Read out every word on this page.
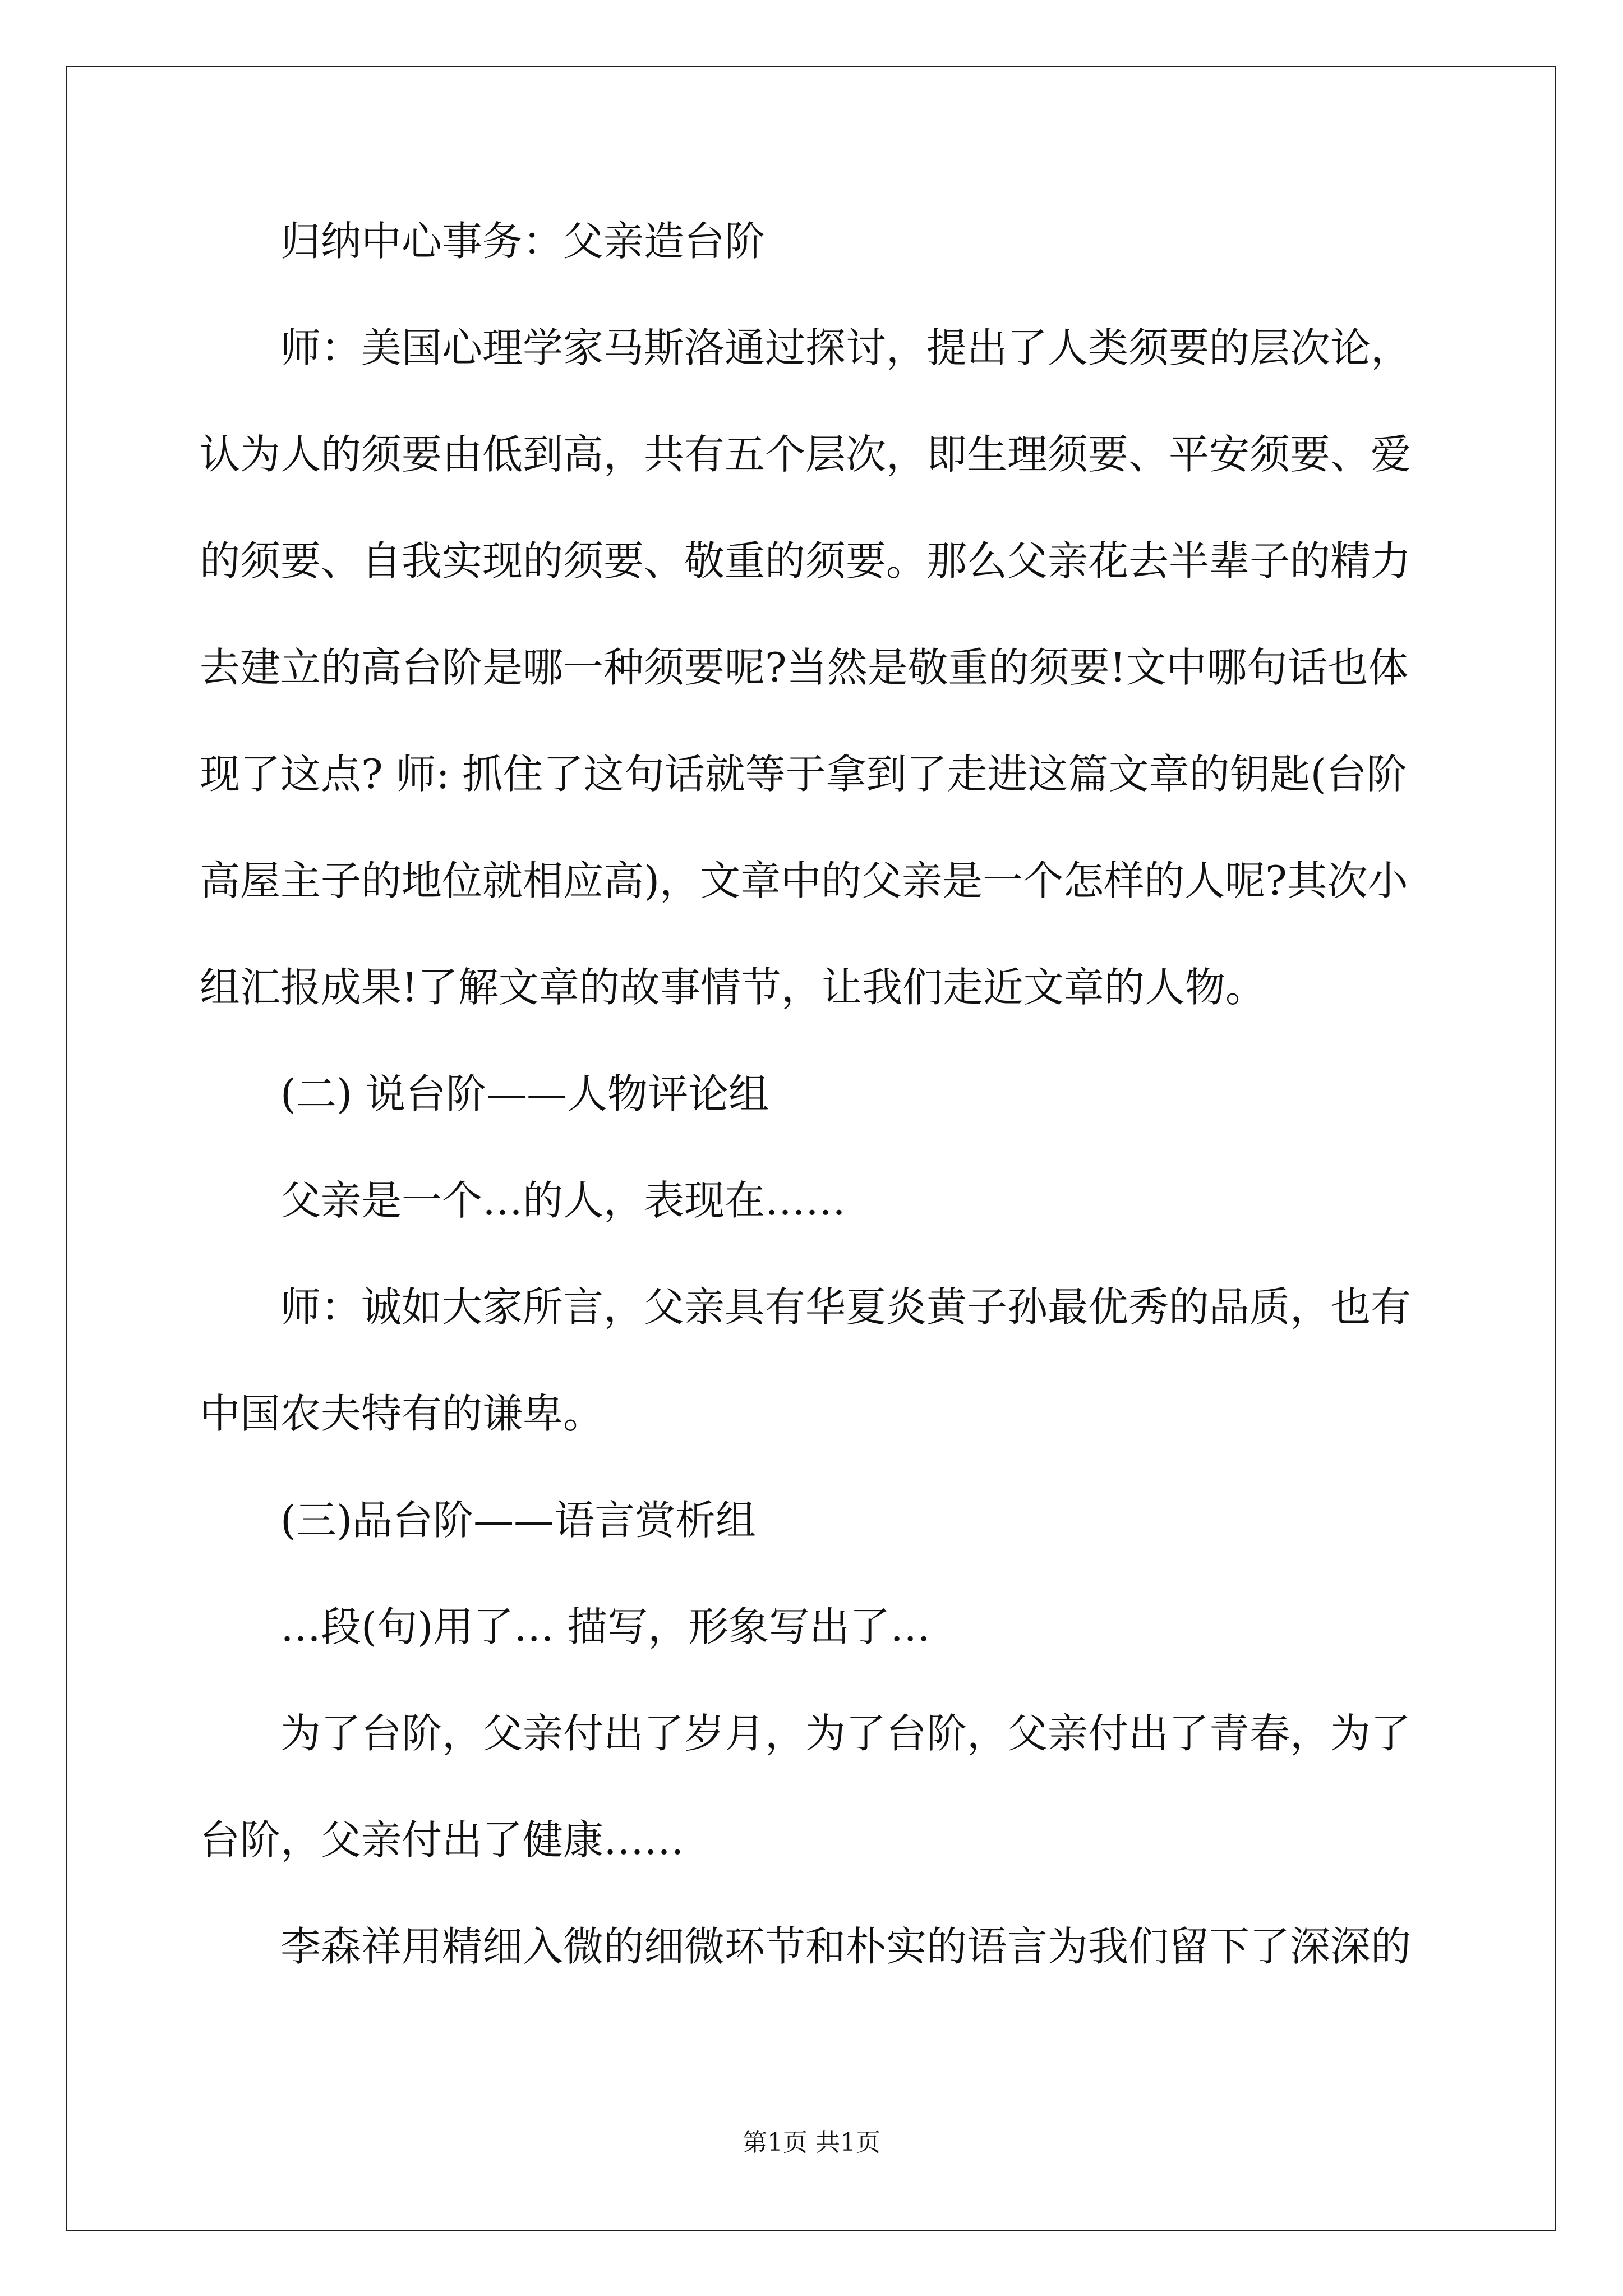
归纳中心事务：父亲造台阶
师：美国心理学家马斯洛通过探讨，提出了人类须要的层次论，
认为人的须要由低到高，共有五个层次，即生理须要、平安须要、爱
的须要、自我实现的须要、敬重的须要。那么父亲花去半辈子的精力
去建立的高台阶是哪一种须要呢?当然是敬重的须要!文中哪句话也体
现了这点? 师: 抓住了这句话就等于拿到了走进这篇文章的钥匙(台阶
高屋主子的地位就相应高)，文章中的父亲是一个怎样的人呢?其次小
组汇报成果!了解文章的故事情节，让我们走近文章的人物。
(二) 说台阶——人物评论组
父亲是一个…的人，表现在……
师：诚如大家所言，父亲具有华夏炎黄子孙最优秀的品质，也有
中国农夫特有的谦卑。
(三)品台阶——语言赏析组
…段(句)用了… 描写，形象写出了…
为了台阶，父亲付出了岁月，为了台阶，父亲付出了青春，为了
台阶，父亲付出了健康……
李森祥用精细入微的细微环节和朴实的语言为我们留下了深深的
第1页 共1页
